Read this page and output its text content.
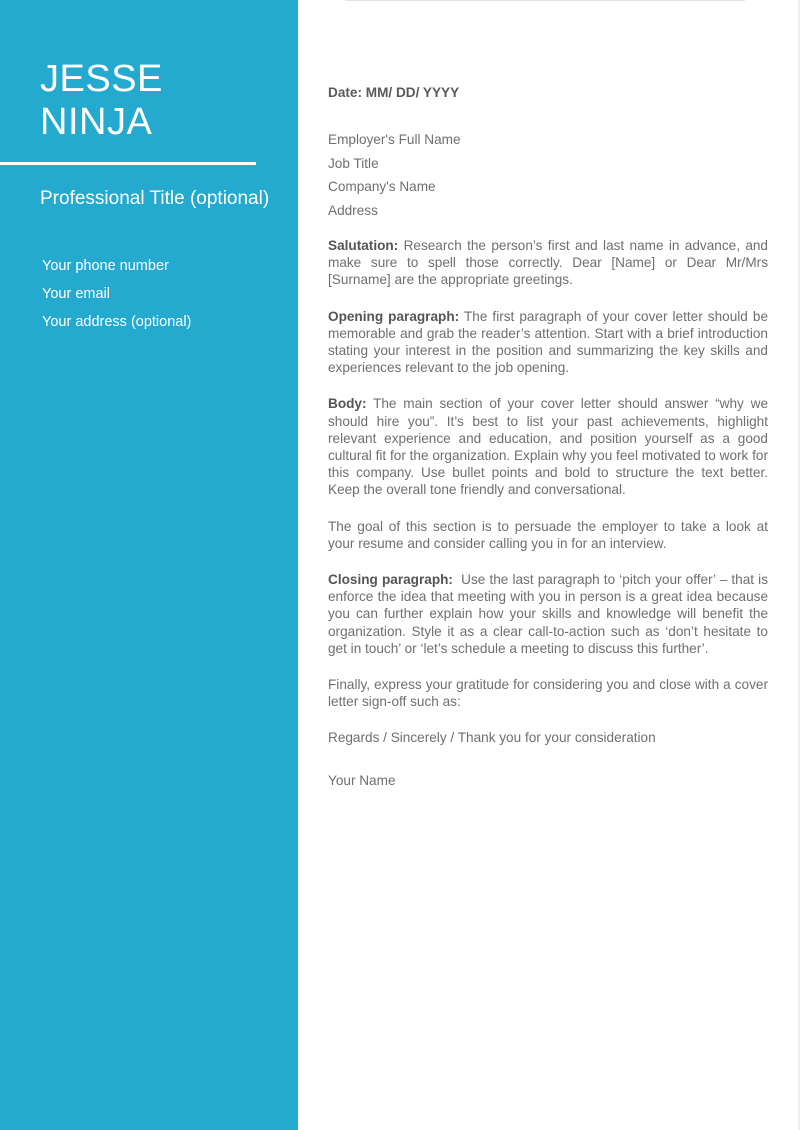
JESSE
NINJA
Professional Title (optional)
Your phone number
Your email
Your address (optional)

Date: MM/ DD/ YYYY

Employer's Full Name
Job Title
Company's Name
Address

Salutation: Research the person’s first and last name in advance, and make sure to spell those correctly. Dear [Name] or Dear Mr/Mrs [Surname] are the appropriate greetings.

Opening paragraph: The first paragraph of your cover letter should be memorable and grab the reader’s attention. Start with a brief introduction stating your interest in the position and summarizing the key skills and experiences relevant to the job opening.

Body: The main section of your cover letter should answer “why we should hire you”. It’s best to list your past achievements, highlight relevant experience and education, and position yourself as a good cultural fit for the organization. Explain why you feel motivated to work for this company. Use bullet points and bold to structure the text better. Keep the overall tone friendly and conversational.

The goal of this section is to persuade the employer to take a look at your resume and consider calling you in for an interview.

Closing paragraph: Use the last paragraph to ‘pitch your offer’ – that is enforce the idea that meeting with you in person is a great idea because you can further explain how your skills and knowledge will benefit the organization. Style it as a clear call-to-action such as ‘don’t hesitate to get in touch’ or ‘let’s schedule a meeting to discuss this further’.

Finally, express your gratitude for considering you and close with a cover letter sign-off such as:

Regards / Sincerely / Thank you for your consideration

Your Name
